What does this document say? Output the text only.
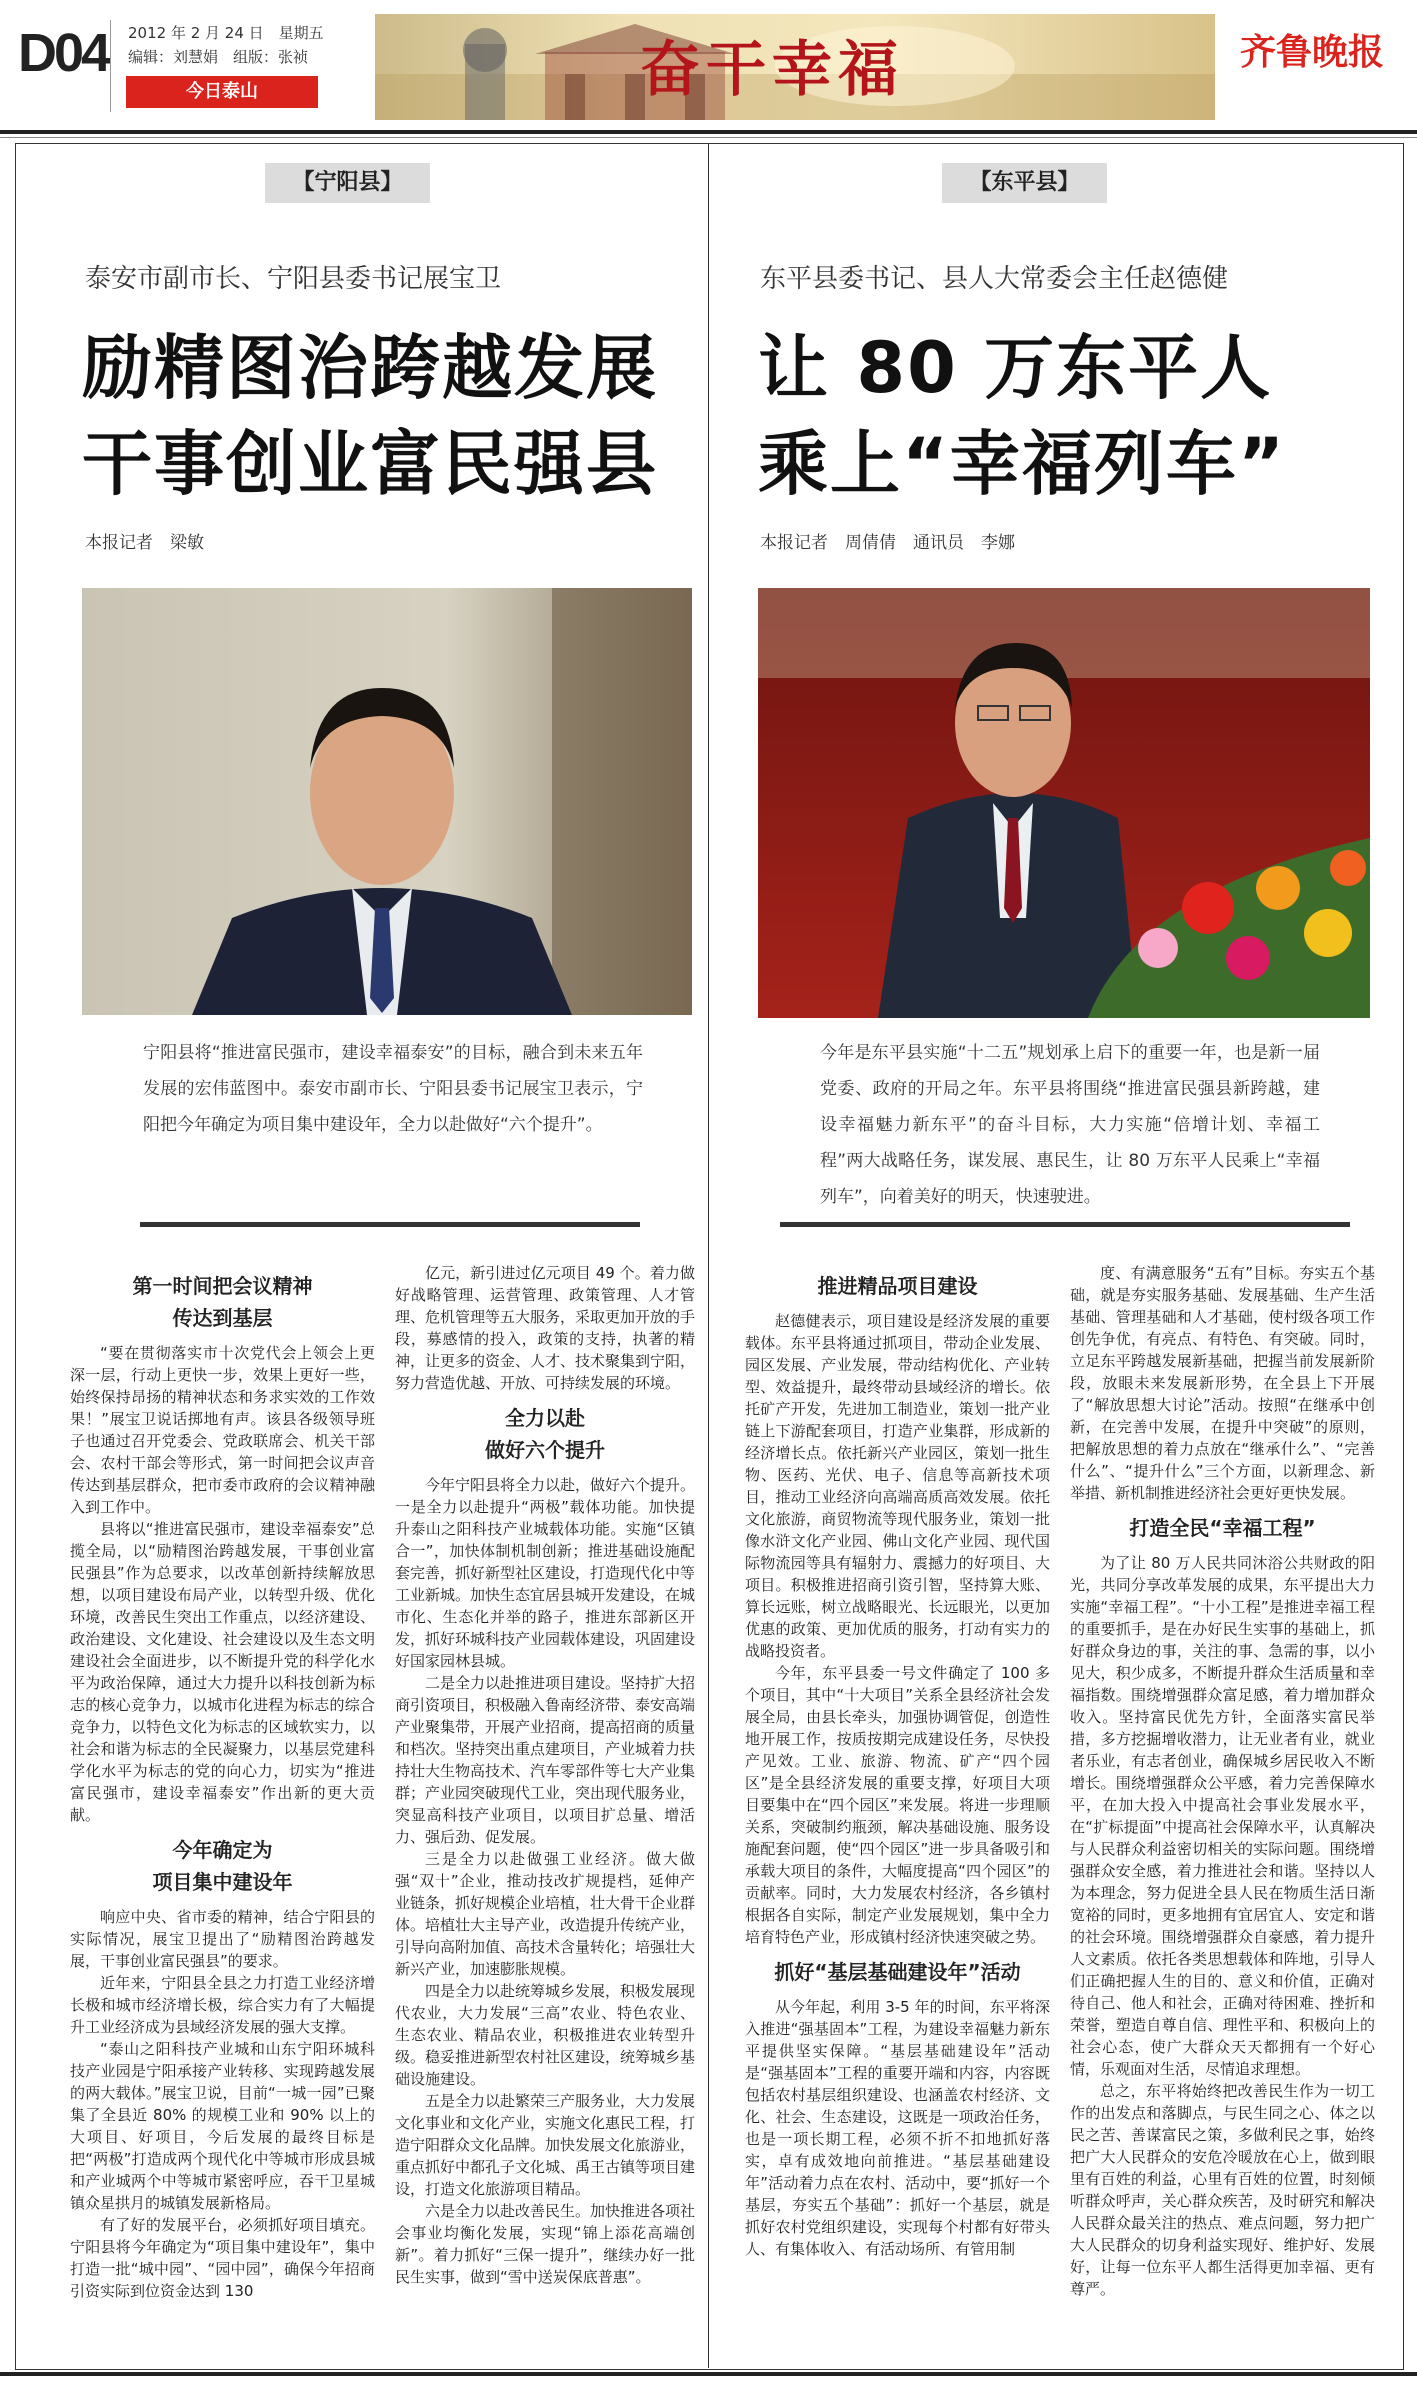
D04 2012 年 2 月 24 日　星期五
编辑：刘慧娟　组版：张祯
今日泰山	奋干幸福	齐鲁晚报
【宁阳县】
泰安市副市长、宁阳县委书记展宝卫
励精图治跨越发展
干事创业富民强县
本报记者　梁敏
宁阳县将“推进富民强市，建设幸福泰安”的目标，融合到未来五年发展的宏伟蓝图中。泰安市副市长、宁阳县委书记展宝卫表示，宁阳把今年确定为项目集中建设年，全力以赴做好“六个提升”。
第一时间把会议精神
传达到基层

“要在贯彻落实市十次党代会上领会上更深一层，行动上更快一步，效果上更好一些，始终保持昂扬的精神状态和务求实效的工作效果！”展宝卫说话掷地有声。该县各级领导班子也通过召开党委会、党政联席会、机关干部会、农村干部会等形式，第一时间把会议声音传达到基层群众，把市委市政府的会议精神融入到工作中。

县将以“推进富民强市，建设幸福泰安”总揽全局，以“励精图治跨越发展，干事创业富民强县”作为总要求，以改革创新持续解放思想，以项目建设布局产业，以转型升级、优化环境，改善民生突出工作重点，以经济建设、政治建设、文化建设、社会建设以及生态文明建设社会全面进步，以不断提升党的科学化水平为政治保障，通过大力提升以科技创新为标志的核心竞争力，以城市化进程为标志的综合竞争力，以特色文化为标志的区域软实力，以社会和谐为标志的全民凝聚力，以基层党建科学化水平为标志的党的向心力，切实为“推进富民强市，建设幸福泰安”作出新的更大贡献。

今年确定为
项目集中建设年

响应中央、省市委的精神，结合宁阳县的实际情况，展宝卫提出了“励精图治跨越发展，干事创业富民强县”的要求。

近年来，宁阳县全县之力打造工业经济增长极和城市经济增长极，综合实力有了大幅提升工业经济成为县域经济发展的强大支撑。

“泰山之阳科技产业城和山东宁阳环城科技产业园是宁阳承接产业转移、实现跨越发展的两大载体。”展宝卫说，目前“一城一园”已聚集了全县近 80% 的规模工业和 90% 以上的大项目、好项目，今后发展的最终目标是把“两极”打造成两个现代化中等城市形成县城和产业城两个中等城市紧密呼应，吞干卫星城镇众星拱月的城镇发展新格局。

有了好的发展平台，必须抓好项目填充。宁阳县将今年确定为“项目集中建设年”，集中打造一批“城中园”、“园中园”，确保今年招商引资实际到位资金达到 130

亿元，新引进过亿元项目 49 个。着力做好战略管理、运营管理、政策管理、人才管理、危机管理等五大服务，采取更加开放的手段，募感情的投入，政策的支持，执著的精神，让更多的资金、人才、技术聚集到宁阳，努力营造优越、开放、可持续发展的环境。

全力以赴
做好六个提升

今年宁阳县将全力以赴，做好六个提升。一是全力以赴提升“两极”载体功能。加快提升泰山之阳科技产业城载体功能。实施“区镇合一”，加快体制机制创新；推进基础设施配套完善，抓好新型社区建设，打造现代化中等工业新城。加快生态宜居县城开发建设，在城市化、生态化并举的路子，推进东部新区开发，抓好环城科技产业园载体建设，巩固建设好国家园林县城。

二是全力以赴推进项目建设。坚持扩大招商引资项目，积极融入鲁南经济带、泰安高端产业聚集带，开展产业招商，提高招商的质量和档次。坚持突出重点建项目，产业城着力扶持壮大生物高技术、汽车零部件等七大产业集群；产业园突破现代工业，突出现代服务业，突显高科技产业项目，以项目扩总量、增活力、强后劲、促发展。

三是全力以赴做强工业经济。做大做强“双十”企业，推动技改扩规提档，延伸产业链条，抓好规模企业培植，壮大骨干企业群体。培植壮大主导产业，改造提升传统产业，引导向高附加值、高技术含量转化；培强壮大新兴产业，加速膨胀规模。

四是全力以赴统筹城乡发展，积极发展现代农业，大力发展“三高”农业、特色农业、生态农业、精品农业，积极推进农业转型升级。稳妥推进新型农村社区建设，统筹城乡基础设施建设。

五是全力以赴繁荣三产服务业，大力发展文化事业和文化产业，实施文化惠民工程，打造宁阳群众文化品牌。加快发展文化旅游业，重点抓好中都孔子文化城、禹王古镇等项目建设，打造文化旅游项目精品。

六是全力以赴改善民生。加快推进各项社会事业均衡化发展，实现“锦上添花高端创新”。着力抓好“三保一提升”，继续办好一批民生实事，做到“雪中送炭保底普惠”。

【东平县】
东平县委书记、县人大常委会主任赵德健
让 80 万东平人
乘上“幸福列车”
本报记者　周倩倩　通讯员　李娜
今年是东平县实施“十二五”规划承上启下的重要一年，也是新一届党委、政府的开局之年。东平县将围绕“推进富民强县新跨越，建设幸福魅力新东平”的奋斗目标，大力实施“倍增计划、幸福工程”两大战略任务，谋发展、惠民生，让 80 万东平人民乘上“幸福列车”，向着美好的明天，快速驶进。
推进精品项目建设

赵德健表示，项目建设是经济发展的重要载体。东平县将通过抓项目，带动企业发展、园区发展、产业发展，带动结构优化、产业转型、效益提升，最终带动县域经济的增长。依托矿产开发，先进加工制造业，策划一批产业链上下游配套项目，打造产业集群，形成新的经济增长点。依托新兴产业园区，策划一批生物、医药、光伏、电子、信息等高新技术项目，推动工业经济向高端高质高效发展。依托文化旅游，商贸物流等现代服务业，策划一批像水浒文化产业园、佛山文化产业园、现代国际物流园等具有辐射力、震撼力的好项目、大项目。积极推进招商引资引智，坚持算大账、算长远账，树立战略眼光、长远眼光，以更加优惠的政策、更加优质的服务，打动有实力的战略投资者。

今年，东平县委一号文件确定了 100 多个项目，其中“十大项目”关系全县经济社会发展全局，由县长牵头，加强协调管促，创造性地开展工作，按质按期完成建设任务，尽快投产见效。工业、旅游、物流、矿产“四个园区”是全县经济发展的重要支撑，好项目大项目要集中在“四个园区”来发展。将进一步理顺关系，突破制约瓶颈，解决基础设施、服务设施配套问题，使“四个园区”进一步具备吸引和承载大项目的条件，大幅度提高“四个园区”的贡献率。同时，大力发展农村经济，各乡镇村根据各自实际，制定产业发展规划，集中全力培育特色产业，形成镇村经济快速突破之势。

抓好“基层基础建设年”活动

从今年起，利用 3-5 年的时间，东平将深入推进“强基固本”工程，为建设幸福魅力新东平提供坚实保障。“基层基础建设年”活动是“强基固本”工程的重要开端和内容，内容既包括农村基层组织建设、也涵盖农村经济、文化、社会、生态建设，这既是一项政治任务，也是一项长期工程，必须不折不扣地抓好落实，卓有成效地向前推进。“基层基础建设年”活动着力点在农村、活动中，要“抓好一个基层，夯实五个基础”：抓好一个基层，就是抓好农村党组织建设，实现每个村都有好带头人、有集体收入、有活动场所、有管用制

度、有满意服务“五有”目标。夯实五个基础，就是夯实服务基础、发展基础、生产生活基础、管理基础和人才基础，使村级各项工作创先争优，有亮点、有特色、有突破。同时，立足东平跨越发展新基础，把握当前发展新阶段，放眼未来发展新形势，在全县上下开展了“解放思想大讨论”活动。按照“在继承中创新，在完善中发展，在提升中突破”的原则，把解放思想的着力点放在“继承什么”、“完善什么”、“提升什么”三个方面，以新理念、新举措、新机制推进经济社会更好更快发展。

打造全民“幸福工程”

为了让 80 万人民共同沐浴公共财政的阳光，共同分享改革发展的成果，东平提出大力实施“幸福工程”。“十小工程”是推进幸福工程的重要抓手，是在办好民生实事的基础上，抓好群众身边的事，关注的事、急需的事，以小见大，积少成多，不断提升群众生活质量和幸福指数。围绕增强群众富足感，着力增加群众收入。坚持富民优先方针，全面落实富民举措，多方挖掘增收潜力，让无业者有业，就业者乐业，有志者创业，确保城乡居民收入不断增长。围绕增强群众公平感，着力完善保障水平，在加大投入中提高社会事业发展水平，在“扩标提面”中提高社会保障水平，认真解决与人民群众利益密切相关的实际问题。围绕增强群众安全感，着力推进社会和谐。坚持以人为本理念，努力促进全县人民在物质生活日渐宽裕的同时，更多地拥有宜居宜人、安定和谐的社会环境。围绕增强群众自豪感，着力提升人文素质。依托各类思想载体和阵地，引导人们正确把握人生的目的、意义和价值，正确对待自己、他人和社会，正确对待困难、挫折和荣誉，塑造自尊自信、理性平和、积极向上的社会心态，使广大群众天天都拥有一个好心情，乐观面对生活，尽情追求理想。

总之，东平将始终把改善民生作为一切工作的出发点和落脚点，与民生同之心、体之以民之苦、善谋富民之策，多做利民之事，始终把广大人民群众的安危冷暖放在心上，做到眼里有百姓的利益，心里有百姓的位置，时刻倾听群众呼声，关心群众疾苦，及时研究和解决人民群众最关注的热点、难点问题，努力把广大人民群众的切身利益实现好、维护好、发展好，让每一位东平人都生活得更加幸福、更有尊严。
